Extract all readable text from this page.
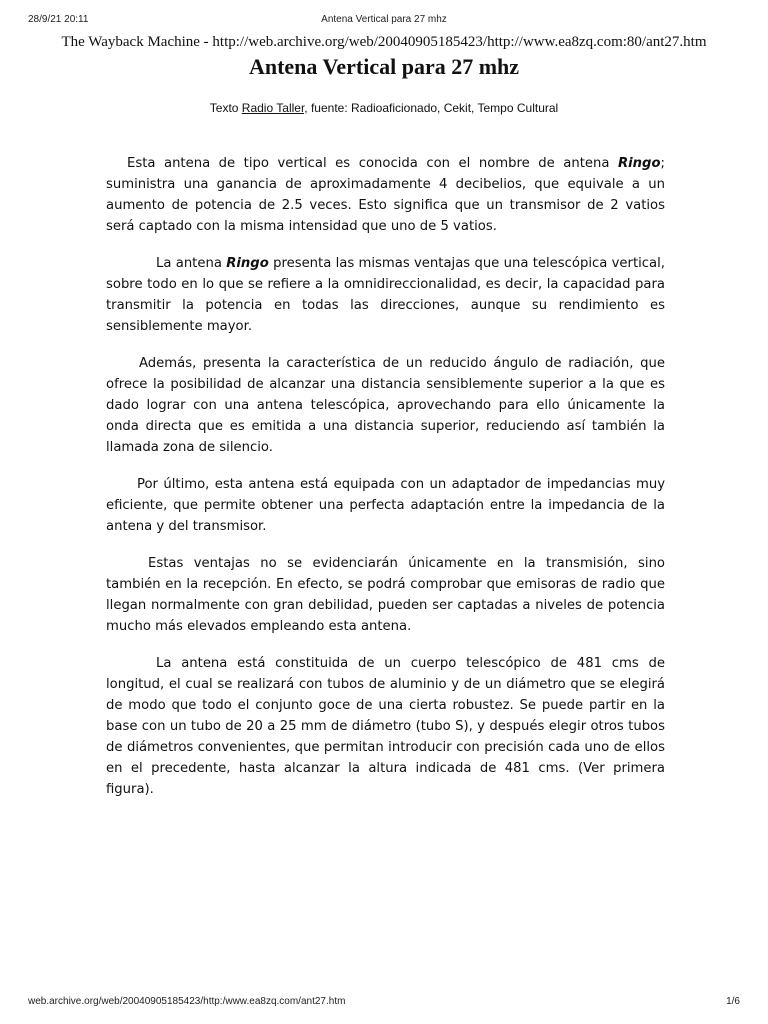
28/9/21 20:11	Antena Vertical para 27 mhz
The Wayback Machine - http://web.archive.org/web/20040905185423/http://www.ea8zq.com:80/ant27.htm
Antena Vertical para 27 mhz
Texto Radio Taller, fuente: Radioaficionado, Cekit, Tempo Cultural

Esta antena de tipo vertical es conocida con el nombre de antena Ringo; suministra una ganancia de aproximadamente 4 decibelios, que equivale a un aumento de potencia de 2.5 veces. Esto significa que un transmisor de 2 vatios será captado con la misma intensidad que uno de 5 vatios.

La antena Ringo presenta las mismas ventajas que una telescópica vertical, sobre todo en lo que se refiere a la omnidireccionalidad, es decir, la capacidad para transmitir la potencia en todas las direcciones, aunque su rendimiento es sensiblemente mayor.

Además, presenta la característica de un reducido ángulo de radiación, que ofrece la posibilidad de alcanzar una distancia sensiblemente superior a la que es dado lograr con una antena telescópica, aprovechando para ello únicamente la onda directa que es emitida a una distancia superior, reduciendo así también la llamada zona de silencio.

Por último, esta antena está equipada con un adaptador de impedancias muy eficiente, que permite obtener una perfecta adaptación entre la impedancia de la antena y del transmisor.

Estas ventajas no se evidenciarán únicamente en la transmisión, sino también en la recepción. En efecto, se podrá comprobar que emisoras de radio que llegan normalmente con gran debilidad, pueden ser captadas a niveles de potencia mucho más elevados empleando esta antena.

La antena está constituida de un cuerpo telescópico de 481 cms de longitud, el cual se realizará con tubos de aluminio y de un diámetro que se elegirá de modo que todo el conjunto goce de una cierta robustez. Se puede partir en la base con un tubo de 20 a 25 mm de diámetro (tubo S), y después elegir otros tubos de diámetros convenientes, que permitan introducir con precisión cada uno de ellos en el precedente, hasta alcanzar la altura indicada de 481 cms. (Ver primera figura).

web.archive.org/web/20040905185423/http:/www.ea8zq.com/ant27.htm	1/6
